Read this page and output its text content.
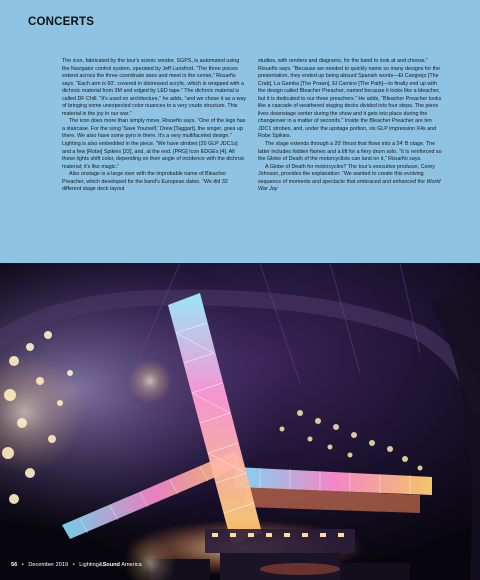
CONCERTS

The icon, fabricated by the tour's scenic vendor, SGPS, is automated using the Navigator control system, operated by Jeff Lunsford. “The three pieces extend across the three coordinate axes and meet in the center,” Risueño says. “Each arm is 60', covered in distressed acrylic, which is wrapped with a dichroic material from 3M and edged by LED tape.” The dichroic material is called DF Chill. “It's used on architecture,” he adds, “and we chose it as a way of bringing some unexpected color nuances to a very crude structure. This material is the joy in our war.”

The icon does more than simply move, Risueño says. “One of the legs has a staircase. For the song 'Save Yourself,' Drew [Taggart], the singer, goes up there. We also have some pyro in there. It's a very multifaceted design.” Lighting is also embedded in the piece. “We have strobes [20 GLP JDC1s] and a few [Robe] Spikies [22], and, at the end, [PRG] Icon EDGEs [4]. All these lights shift color, depending on their angle of incidence with the dichroic material; it's like magic.”

Also onstage is a large riser with the improbable name of Bleacher Preacher, which developed for the band's European dates. “We did 32 different stage deck layout

studies, with renders and diagrams, for the band to look at and choose,” Risueño says. “Because we needed to quickly name so many designs for the presentation, they ended up being absurd Spanish words—El Cangrejo [The Crab], La Gamba [The Prawn], El Camino [The Path]—to finally end up with the design called Bleacher Preacher, named because it looks like a bleacher, but it is dedicated to our three preachers.” He adds, “Bleacher Preacher looks like a cascade of weathered staging decks divided into four steps. The piece lives downstage center during the show and it gets into place during the changeover in a matter of seconds.” Inside the Bleacher Preacher are ten JDC1 strobes, and, under the upstage portion, six GLP impression X4s and Robe Spikies.

The stage extends through a 20' thrust that flows into a 24' B stage. The latter includes hidden flames and a lift for a fiery drum solo. “It is reinforced so the Globe of Death of the motorcyclists can land on it,” Risueño says.

A Globe of Death for motorcycles? The tour's executive producer, Corey Johnson, provides the explanation: “We wanted to create this evolving sequence of moments and spectacle that embraced and enhanced the World War Joy

56 • December 2019 • Lighting&Sound America
